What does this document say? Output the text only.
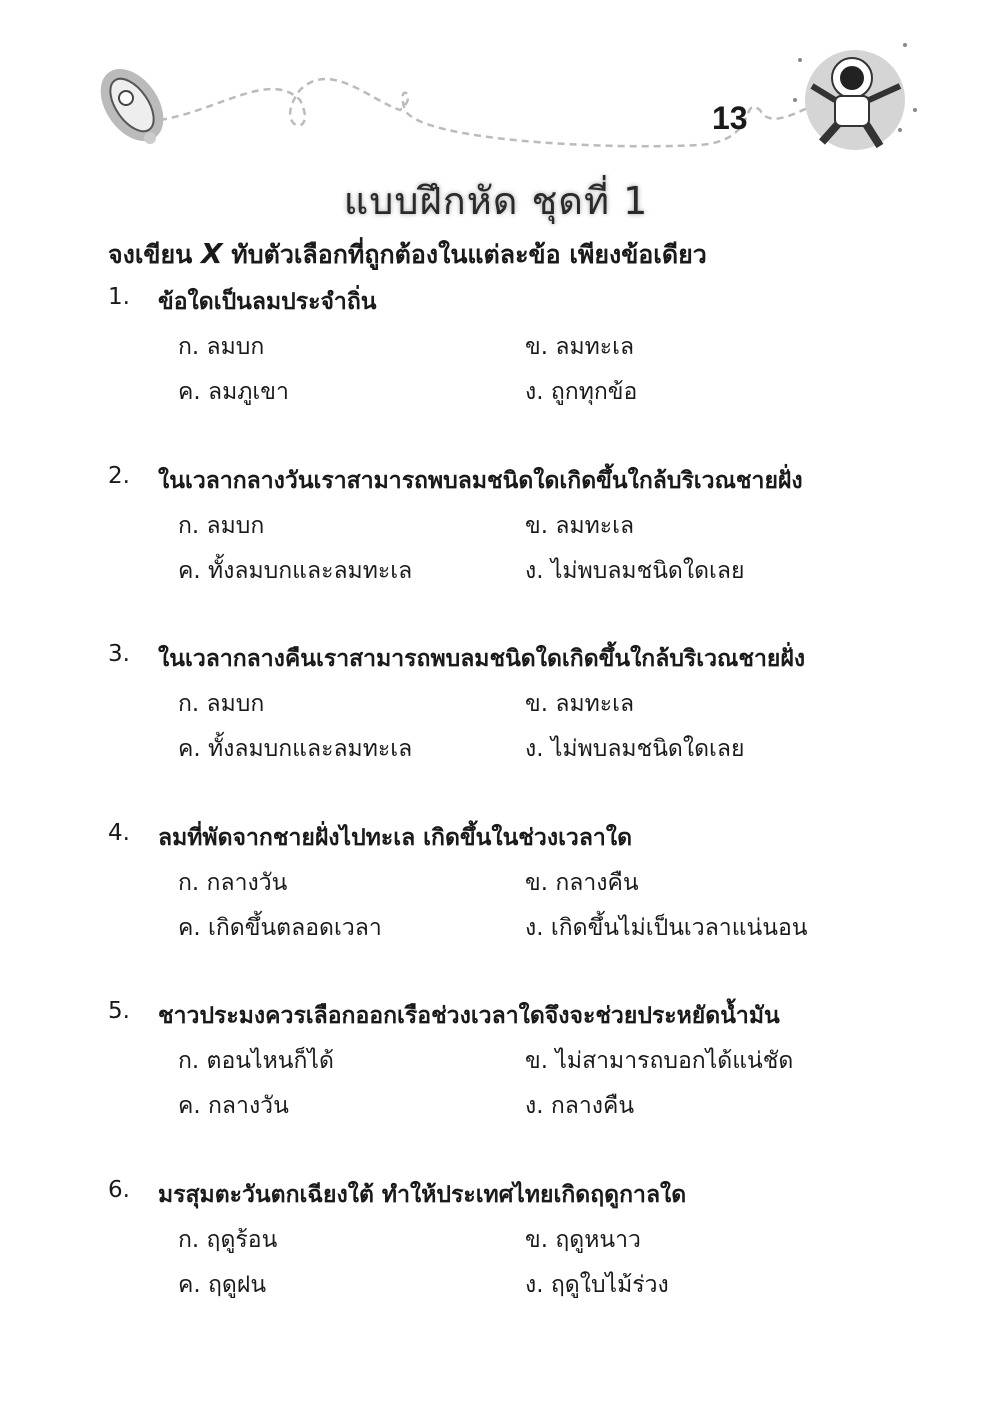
13
แบบฝึกหัด ชุดที่ 1
จงเขียน X ทับตัวเลือกที่ถูกต้องในแต่ละข้อ เพียงข้อเดียว
1. ข้อใดเป็นลมประจำถิ่น
ก. ลมบก	ข. ลมทะเล
ค. ลมภูเขา	ง. ถูกทุกข้อ
2. ในเวลากลางวันเราสามารถพบลมชนิดใดเกิดขึ้นใกล้บริเวณชายฝั่ง
ก. ลมบก	ข. ลมทะเล
ค. ทั้งลมบกและลมทะเล	ง. ไม่พบลมชนิดใดเลย
3. ในเวลากลางคืนเราสามารถพบลมชนิดใดเกิดขึ้นใกล้บริเวณชายฝั่ง
ก. ลมบก	ข. ลมทะเล
ค. ทั้งลมบกและลมทะเล	ง. ไม่พบลมชนิดใดเลย
4. ลมที่พัดจากชายฝั่งไปทะเล เกิดขึ้นในช่วงเวลาใด
ก. กลางวัน	ข. กลางคืน
ค. เกิดขึ้นตลอดเวลา	ง. เกิดขึ้นไม่เป็นเวลาแน่นอน
5. ชาวประมงควรเลือกออกเรือช่วงเวลาใดจึงจะช่วยประหยัดน้ำมัน
ก. ตอนไหนก็ได้	ข. ไม่สามารถบอกได้แน่ชัด
ค. กลางวัน	ง. กลางคืน
6. มรสุมตะวันตกเฉียงใต้ ทำให้ประเทศไทยเกิดฤดูกาลใด
ก. ฤดูร้อน	ข. ฤดูหนาว
ค. ฤดูฝน	ง. ฤดูใบไม้ร่วง
